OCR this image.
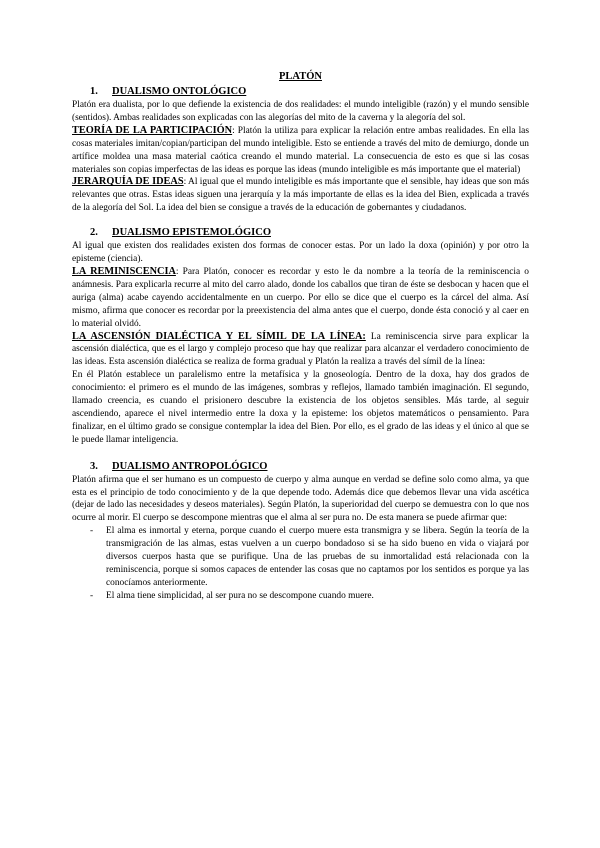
PLATÓN
1. DUALISMO ONTOLÓGICO

Platón era dualista, por lo que defiende la existencia de dos realidades: el mundo inteligible (razón) y el mundo sensible (sentidos). Ambas realidades son explicadas con las alegorías del mito de la caverna y la alegoría del sol.

TEORÍA DE LA PARTICIPACIÓN: Platón la utiliza para explicar la relación entre ambas realidades. En ella las cosas materiales imitan/copian/participan del mundo inteligible. Esto se entiende a través del mito de demiurgo, donde un artífice moldea una masa material caótica creando el mundo material. La consecuencia de esto es que si las cosas materiales son copias imperfectas de las ideas es porque las ideas (mundo inteligible es más importante que el material)

JERARQUÍA DE IDEAS: Al igual que el mundo inteligible es más importante que el sensible, hay ideas que son más relevantes que otras. Estas ideas siguen una jerarquía y la más importante de ellas es la idea del Bien, explicada a través de la alegoría del Sol. La idea del bien se consigue a través de la educación de gobernantes y ciudadanos.

2. DUALISMO EPISTEMOLÓGICO

Al igual que existen dos realidades existen dos formas de conocer estas. Por un lado la doxa (opinión) y por otro la episteme (ciencia).

LA REMINISCENCIA: Para Platón, conocer es recordar y esto le da nombre a la teoría de la reminiscencia o anámnesis. Para explicarla recurre al mito del carro alado, donde los caballos que tiran de éste se desbocan y hacen que el auriga (alma) acabe cayendo accidentalmente en un cuerpo. Por ello se dice que el cuerpo es la cárcel del alma. Así mismo, afirma que conocer es recordar por la preexistencia del alma antes que el cuerpo, donde ésta conoció y al caer en lo material olvidó.

LA ASCENSIÓN DIALÉCTICA Y EL SÍMIL DE LA LÍNEA: La reminiscencia sirve para explicar la ascensión dialéctica, que es el largo y complejo proceso que hay que realizar para alcanzar el verdadero conocimiento de las ideas. Esta ascensión dialéctica se realiza de forma gradual y Platón la realiza a través del símil de la línea:

En él Platón establece un paralelismo entre la metafísica y la gnoseología. Dentro de la doxa, hay dos grados de conocimiento: el primero es el mundo de las imágenes, sombras y reflejos, llamado también imaginación. El segundo, llamado creencia, es cuando el prisionero descubre la existencia de los objetos sensibles. Más tarde, al seguir ascendiendo, aparece el nivel intermedio entre la doxa y la episteme: los objetos matemáticos o pensamiento. Para finalizar, en el último grado se consigue contemplar la idea del Bien. Por ello, es el grado de las ideas y el único al que se le puede llamar inteligencia.

3. DUALISMO ANTROPOLÓGICO

Platón afirma que el ser humano es un compuesto de cuerpo y alma aunque en verdad se define solo como alma, ya que esta es el principio de todo conocimiento y de la que depende todo. Además dice que debemos llevar una vida ascética (dejar de lado las necesidades y deseos materiales). Según Platón, la superioridad del cuerpo se demuestra con lo que nos ocurre al morir. El cuerpo se descompone mientras que el alma al ser pura no. De esta manera se puede afirmar que:

- El alma es inmortal y eterna, porque cuando el cuerpo muere esta transmigra y se libera. Según la teoría de la transmigración de las almas, estas vuelven a un cuerpo bondadoso si se ha sido bueno en vida o viajará por diversos cuerpos hasta que se purifique. Una de las pruebas de su inmortalidad está relacionada con la reminiscencia, porque si somos capaces de entender las cosas que no captamos por los sentidos es porque ya las conocíamos anteriormente.
- El alma tiene simplicidad, al ser pura no se descompone cuando muere.
